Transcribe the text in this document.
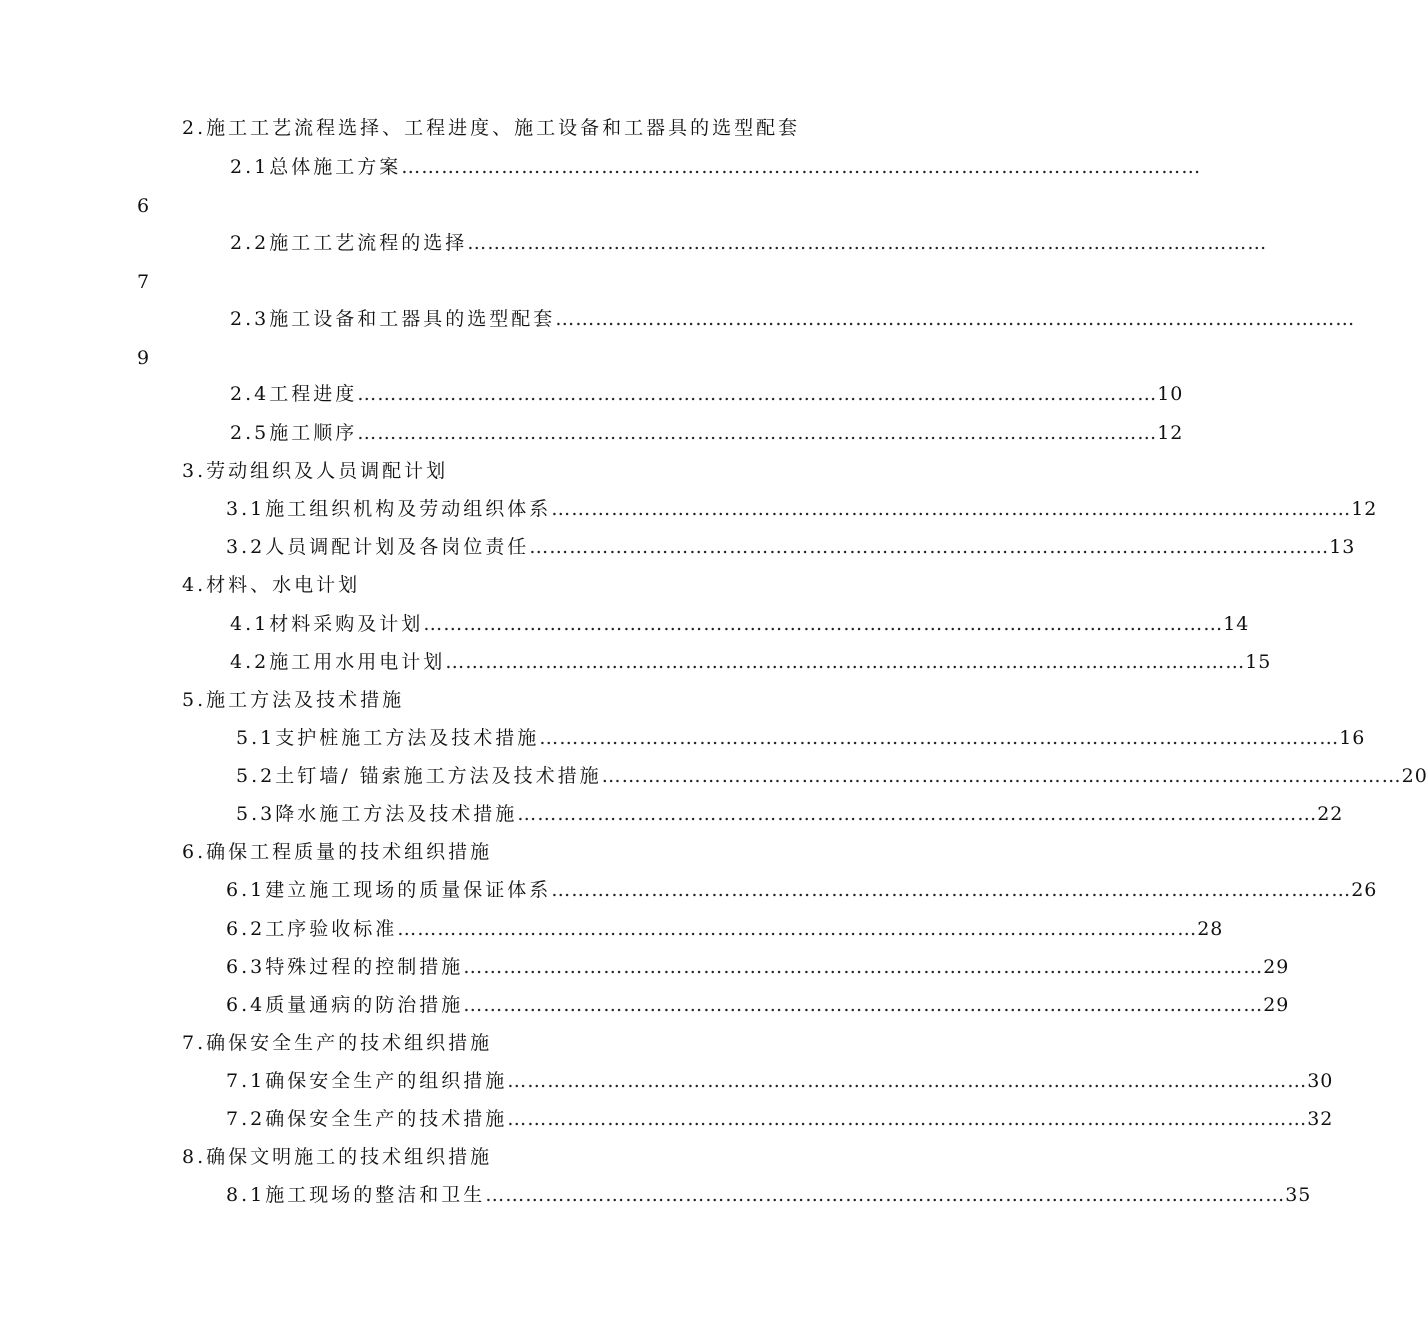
2.施工工艺流程选择、工程进度、施工设备和工器具的选型配套
2.1总体施工方案 …………………………………………………………………………………………………………
6
2.2施工工艺流程的选择 …………………………………………………………………………………………………………
7
2.3施工设备和工器具的选型配套 …………………………………………………………………………………………………………
9
2.4工程进度 ………………………………………………………………………………………………………… 10
2.5施工顺序 ………………………………………………………………………………………………………… 12
3.劳动组织及人员调配计划
3.1施工组织机构及劳动组织体系 ………………………………………………………………………………………………………… 12
3.2人员调配计划及各岗位责任 ………………………………………………………………………………………………………… 13
4.材料、水电计划
4.1材料采购及计划 ………………………………………………………………………………………………………… 14
4.2施工用水用电计划 ………………………………………………………………………………………………………… 15
5.施工方法及技术措施
5.1支护桩施工方法及技术措施 ………………………………………………………………………………………………………… 16
5.2土钉墙/ 锚索施工方法及技术措施 ………………………………………………………………………………………………………… 20
5.3降水施工方法及技术措施 ………………………………………………………………………………………………………… 22
6.确保工程质量的技术组织措施
6.1建立施工现场的质量保证体系 ………………………………………………………………………………………………………… 26
6.2工序验收标准 ………………………………………………………………………………………………………… 28
6.3特殊过程的控制措施 ………………………………………………………………………………………………………… 29
6.4质量通病的防治措施 ………………………………………………………………………………………………………… 29
7.确保安全生产的技术组织措施
7.1确保安全生产的组织措施 ………………………………………………………………………………………………………… 30
7.2确保安全生产的技术措施 ………………………………………………………………………………………………………… 32
8.确保文明施工的技术组织措施
8.1施工现场的整洁和卫生 ………………………………………………………………………………………………………… 35
